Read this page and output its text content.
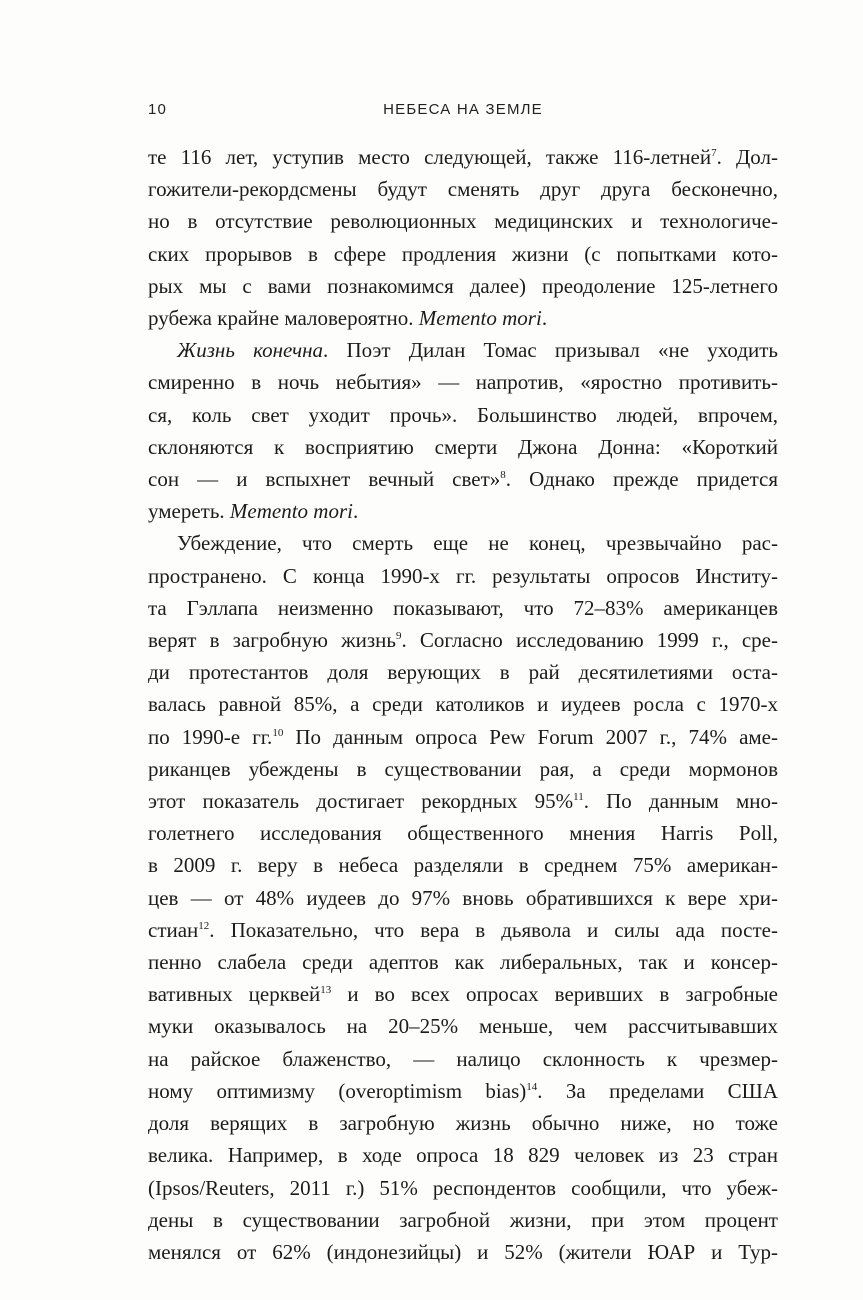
10	НЕБЕСА НА ЗЕМЛЕ

те 116 лет, уступив место следующей, также 116-летней$^7$. Дол-
гожители-рекордсмены будут сменять друг друга бесконечно,
но в отсутствие революционных медицинских и технологиче-
ских прорывов в сфере продления жизни (с попытками кото-
рых мы с вами познакомимся далее) преодоление 125-летнего
рубежа крайне маловероятно. Memento mori.

Жизнь конечна. Поэт Дилан Томас призывал «не уходить
смиренно в ночь небытия» — напротив, «яростно противить-
ся, коль свет уходит прочь». Большинство людей, впрочем,
склоняются к восприятию смерти Джона Донна: «Короткий
сон — и вспыхнет вечный свет»$^8$. Однако прежде придется
умереть. Memento mori.

Убеждение, что смерть еще не конец, чрезвычайно рас-
пространено. С конца 1990-х гг. результаты опросов Институ-
та Гэллапа неизменно показывают, что 72–83% американцев
верят в загробную жизнь$^9$. Согласно исследованию 1999 г., сре-
ди протестантов доля верующих в рай десятилетиями оста-
валась равной 85%, а среди католиков и иудеев росла с 1970-х
по 1990-е гг.$^{10}$ По данным опроса Pew Forum 2007 г., 74% аме-
риканцев убеждены в существовании рая, а среди мормонов
этот показатель достигает рекордных 95%$^{11}$. По данным мно-
голетнего исследования общественного мнения Harris Poll,
в 2009 г. веру в небеса разделяли в среднем 75% американ-
цев — от 48% иудеев до 97% вновь обратившихся к вере хри-
стиан$^{12}$. Показательно, что вера в дьявола и силы ада посте-
пенно слабела среди адептов как либеральных, так и консер-
вативных церквей$^{13}$ и во всех опросах веривших в загробные
муки оказывалось на 20–25% меньше, чем рассчитывавших
на райское блаженство, — налицо склонность к чрезмер-
ному оптимизму (overoptimism bias)$^{14}$. За пределами США
доля верящих в загробную жизнь обычно ниже, но тоже
велика. Например, в ходе опроса 18 829 человек из 23 стран
(Ipsos/Reuters, 2011 г.) 51% респондентов сообщили, что убеж-
дены в существовании загробной жизни, при этом процент
менялся от 62% (индонезийцы) и 52% (жители ЮАР и Тур-
